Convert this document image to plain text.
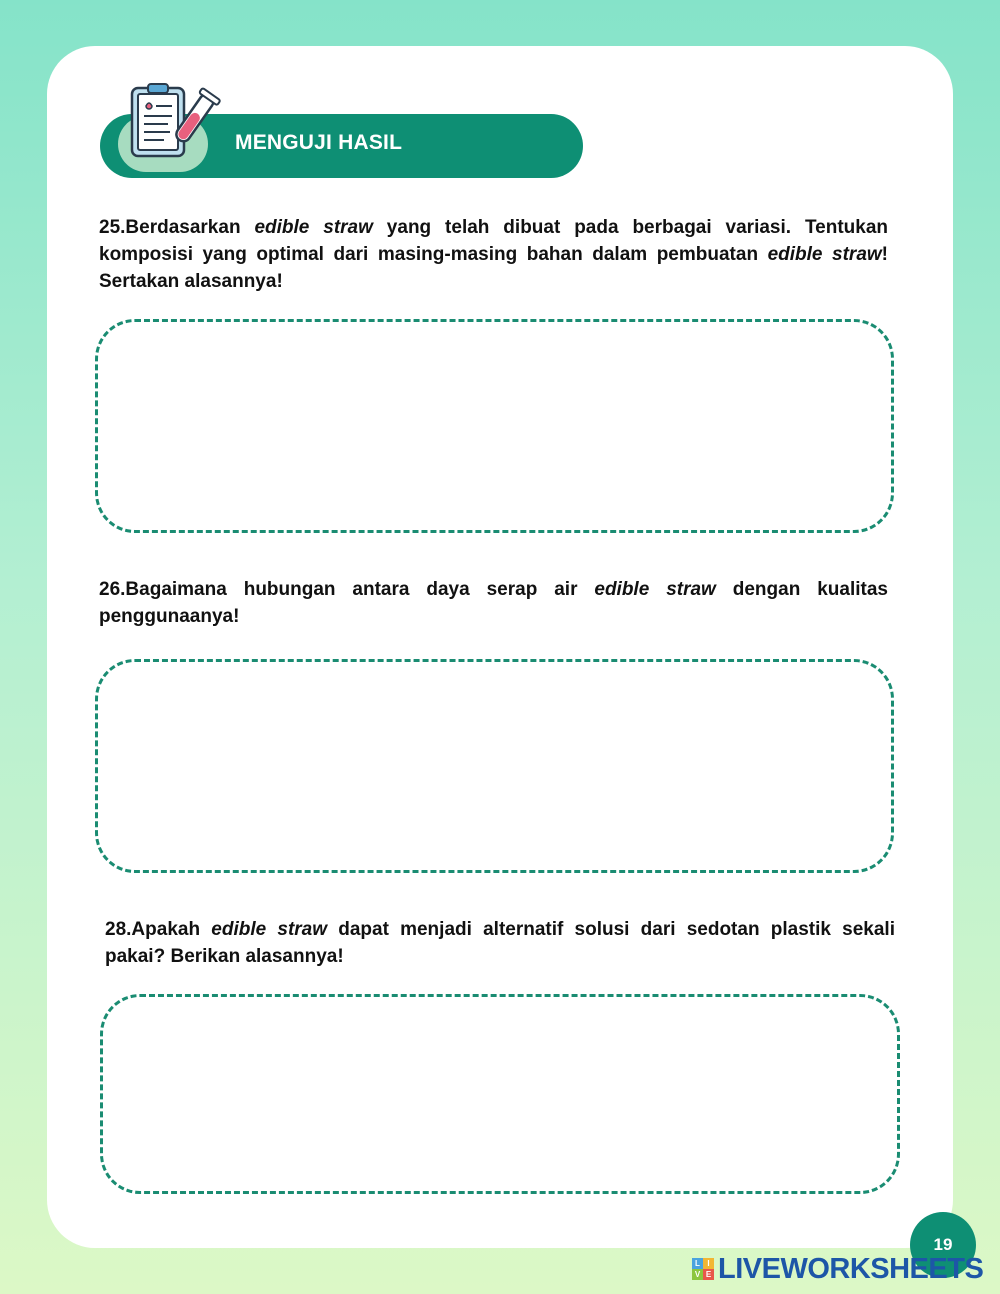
MENGUJI HASIL
25.Berdasarkan edible straw yang telah dibuat pada berbagai variasi. Tentukan komposisi yang optimal dari masing-masing bahan dalam pembuatan edible straw! Sertakan alasannya!
26.Bagaimana hubungan antara daya serap air edible straw dengan kualitas penggunaanya!
28.Apakah edible straw dapat menjadi alternatif solusi dari sedotan plastik sekali pakai? Berikan alasannya!
19
L I
V E LIVEWORKSHEETS
